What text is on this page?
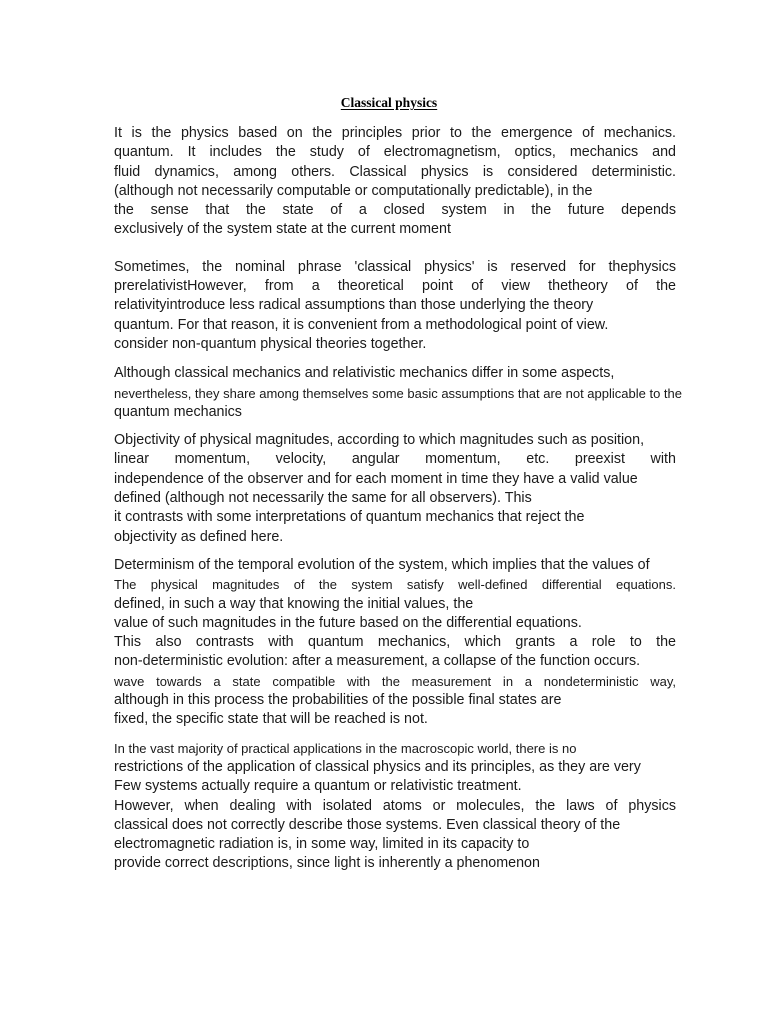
Classical physics
It is the physics based on the principles prior to the emergence of mechanics.
quantum. It includes the study of electromagnetism, optics, mechanics and
fluid dynamics, among others. Classical physics is considered deterministic.
(although not necessarily computable or computationally predictable), in the
the sense that the state of a closed system in the future depends
exclusively of the system state at the current moment
Sometimes, the nominal phrase 'classical physics' is reserved for thephysics
prerelativistHowever, from a theoretical point of view thetheory of the
relativityintroduce less radical assumptions than those underlying the theory
quantum. For that reason, it is convenient from a methodological point of view.
consider non-quantum physical theories together.
Although classical mechanics and relativistic mechanics differ in some aspects,
nevertheless, they share among themselves some basic assumptions that are not applicable to the
quantum mechanics
Objectivity of physical magnitudes, according to which magnitudes such as position,
linear momentum, velocity, angular momentum, etc. preexist with
independence of the observer and for each moment in time they have a valid value
defined (although not necessarily the same for all observers). This
it contrasts with some interpretations of quantum mechanics that reject the
objectivity as defined here.
Determinism of the temporal evolution of the system, which implies that the values of
The physical magnitudes of the system satisfy well-defined differential equations.
defined, in such a way that knowing the initial values, the
value of such magnitudes in the future based on the differential equations.
This also contrasts with quantum mechanics, which grants a role to the
non-deterministic evolution: after a measurement, a collapse of the function occurs.
wave towards a state compatible with the measurement in a nondeterministic way,
although in this process the probabilities of the possible final states are
fixed, the specific state that will be reached is not.
In the vast majority of practical applications in the macroscopic world, there is no
restrictions of the application of classical physics and its principles, as they are very
Few systems actually require a quantum or relativistic treatment.
However, when dealing with isolated atoms or molecules, the laws of physics
classical does not correctly describe those systems. Even classical theory of the
electromagnetic radiation is, in some way, limited in its capacity to
provide correct descriptions, since light is inherently a phenomenon
